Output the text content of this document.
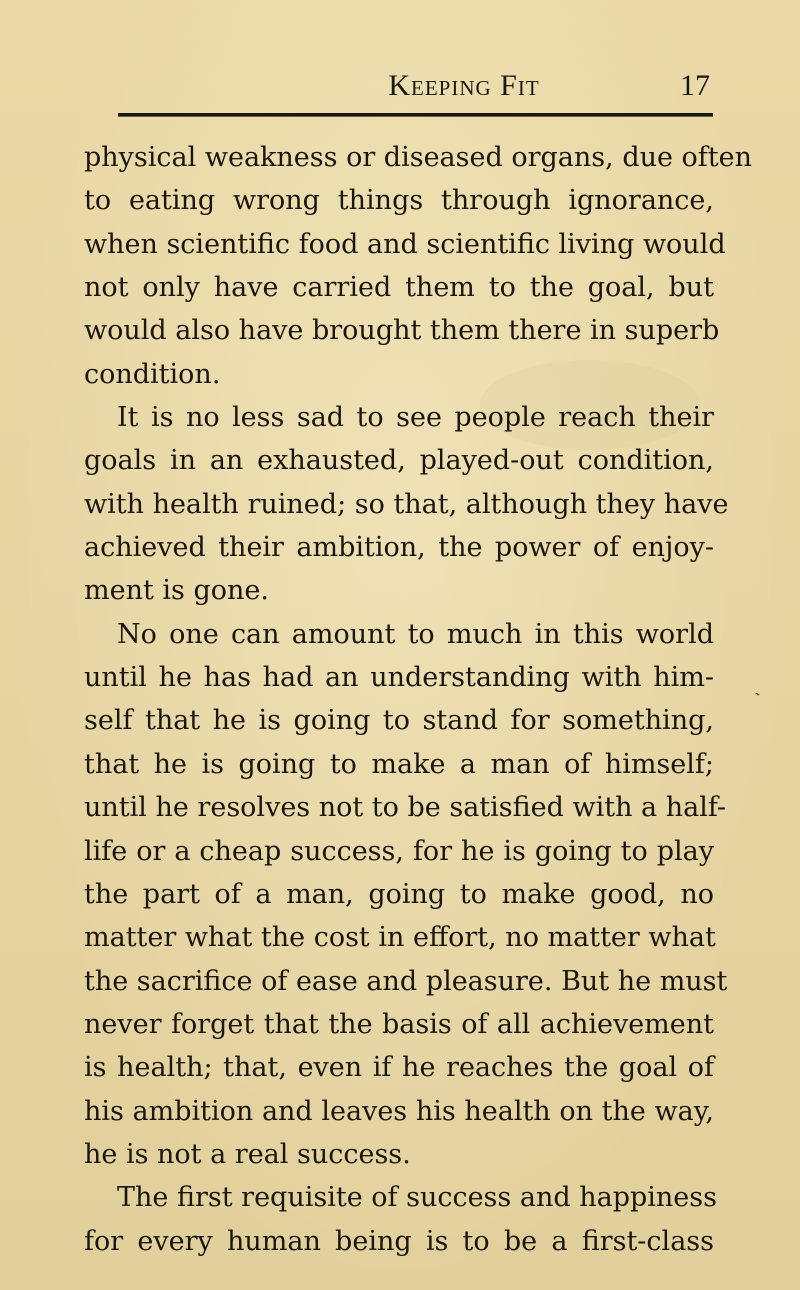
Keeping Fit	17
physical weakness or diseased organs, due often
to eating wrong things through ignorance,
when scientific food and scientific living would
not only have carried them to the goal, but
would also have brought them there in superb
condition.
It is no less sad to see people reach their
goals in an exhausted, played-out condition,
with health ruined; so that, although they have
achieved their ambition, the power of enjoy-
ment is gone.
No one can amount to much in this world
until he has had an understanding with him-
self that he is going to stand for something,
that he is going to make a man of himself;
until he resolves not to be satisfied with a half-
life or a cheap success, for he is going to play
the part of a man, going to make good, no
matter what the cost in effort, no matter what
the sacrifice of ease and pleasure. But he must
never forget that the basis of all achievement
is health; that, even if he reaches the goal of
his ambition and leaves his health on the way,
he is not a real success.
The first requisite of success and happiness
for every human being is to be a first-class
˜
